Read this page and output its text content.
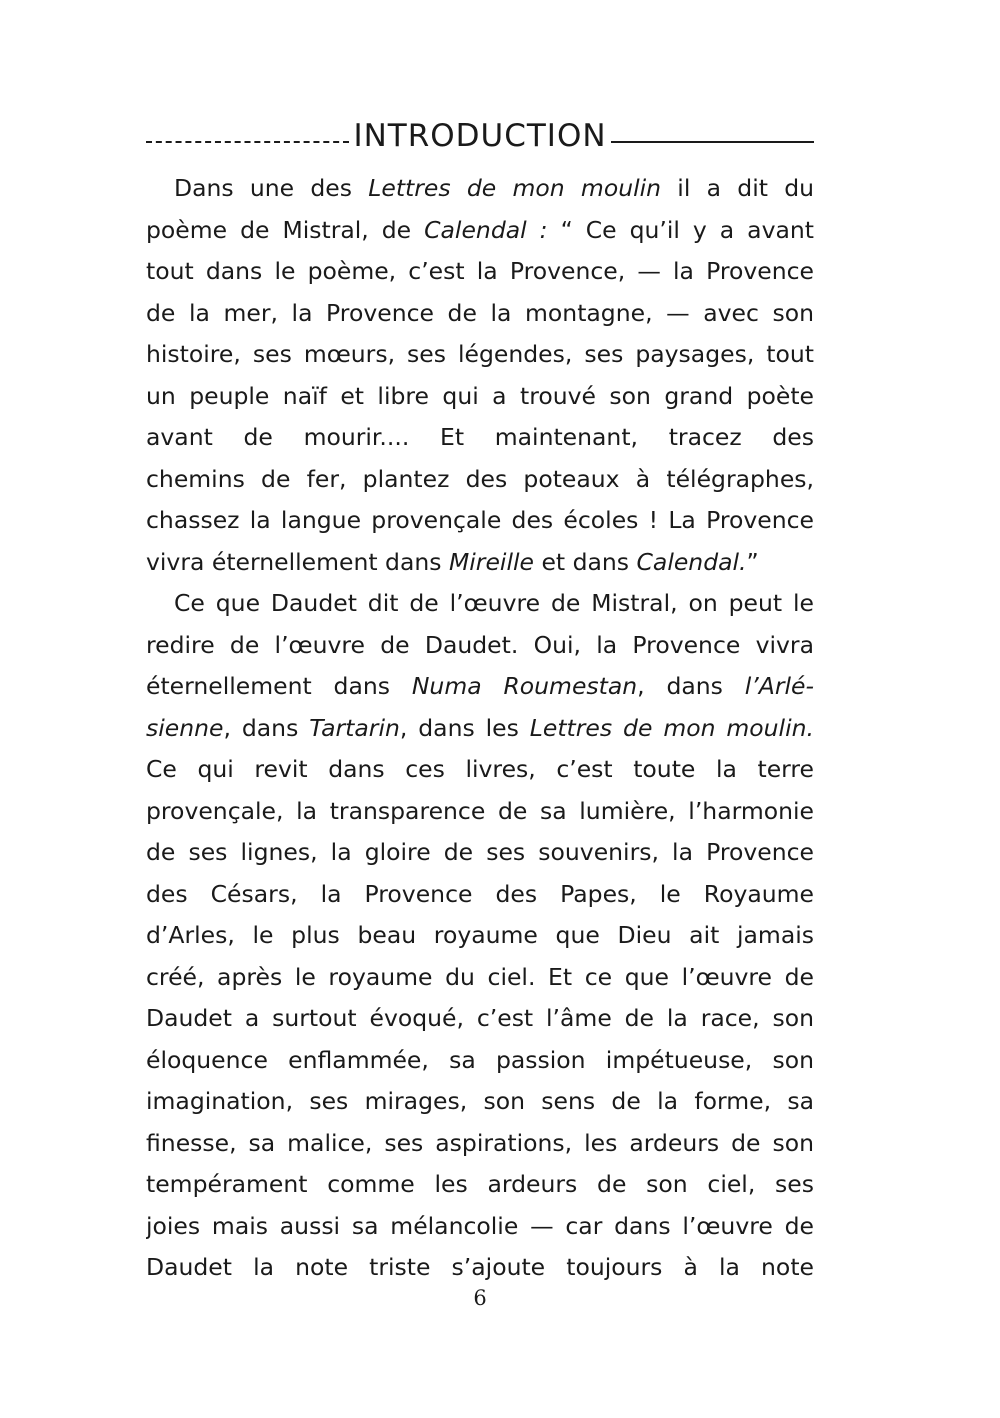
INTRODUCTION
Dans une des Lettres de mon moulin il a dit du
poème de Mistral, de Calendal : “ Ce qu’il y a avant
tout dans le poème, c’est la Provence, — la Provence
de la mer, la Provence de la montagne, — avec son
histoire, ses mœurs, ses légendes, ses paysages, tout
un peuple naïf et libre qui a trouvé son grand poète
avant de mourir.... Et maintenant, tracez des
chemins de fer, plantez des poteaux à télégraphes,
chassez la langue provençale des écoles ! La Provence
vivra éternellement dans Mireille et dans Calendal.”
Ce que Daudet dit de l’œuvre de Mistral, on peut le
redire de l’œuvre de Daudet. Oui, la Provence vivra
éternellement dans Numa Roumestan, dans l’Arlé-
sienne, dans Tartarin, dans les Lettres de mon moulin.
Ce qui revit dans ces livres, c’est toute la terre
provençale, la transparence de sa lumière, l’harmonie
de ses lignes, la gloire de ses souvenirs, la Provence
des Césars, la Provence des Papes, le Royaume
d’Arles, le plus beau royaume que Dieu ait jamais
créé, après le royaume du ciel. Et ce que l’œuvre de
Daudet a surtout évoqué, c’est l’âme de la race, son
éloquence enflammée, sa passion impétueuse, son
imagination, ses mirages, son sens de la forme, sa
finesse, sa malice, ses aspirations, les ardeurs de son
tempérament comme les ardeurs de son ciel, ses
joies mais aussi sa mélancolie — car dans l’œuvre de
Daudet la note triste s’ajoute toujours à la note
6
